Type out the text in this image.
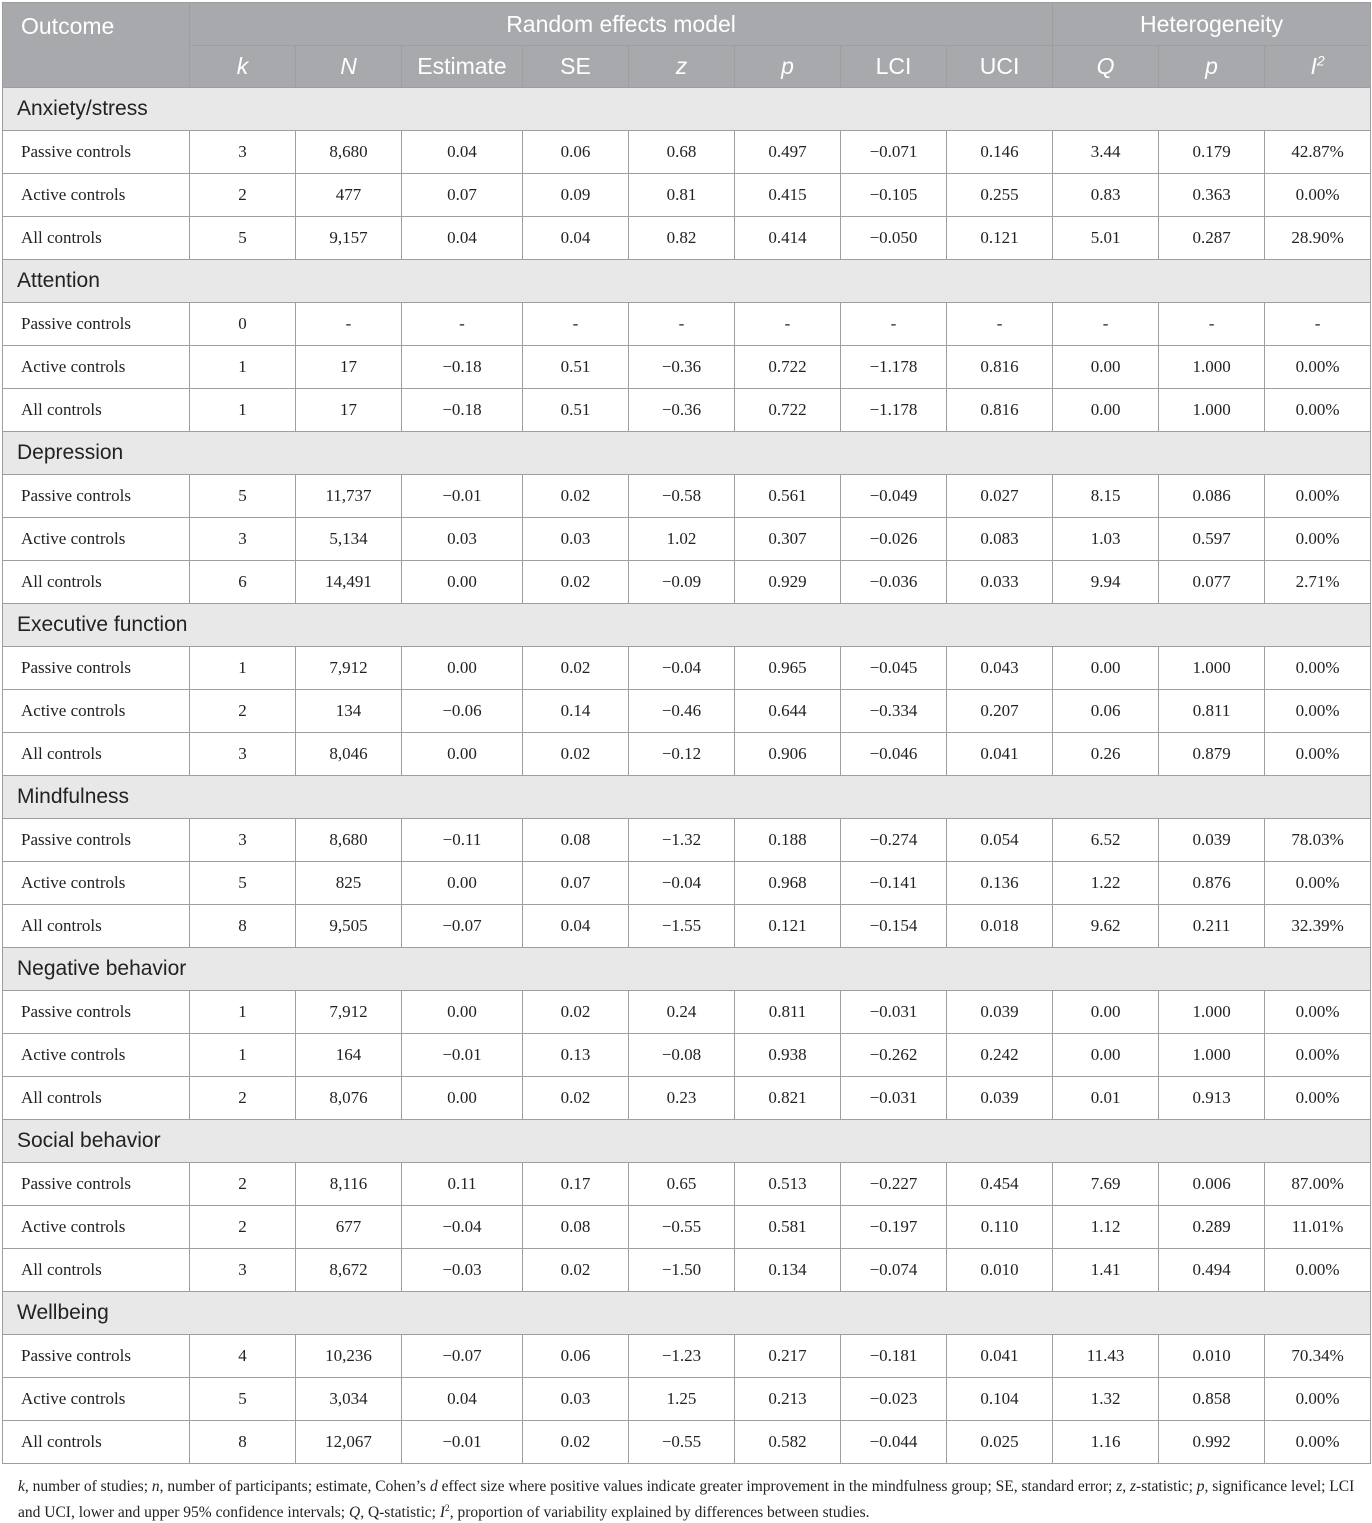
Outcome	Random effects model								Heterogeneity		
	k	N	Estimate	SE	z	p	LCI	UCI	Q	p	$I^2$
Anxiety/stress											
Passive controls	3	8,680	0.04	0.06	0.68	0.497	−0.071	0.146	3.44	0.179	42.87%
Active controls	2	477	0.07	0.09	0.81	0.415	−0.105	0.255	0.83	0.363	0.00%
All controls	5	9,157	0.04	0.04	0.82	0.414	−0.050	0.121	5.01	0.287	28.90%
Attention											
Passive controls	0	-	-	-	-	-	-	-	-	-	-
Active controls	1	17	−0.18	0.51	−0.36	0.722	−1.178	0.816	0.00	1.000	0.00%
All controls	1	17	−0.18	0.51	−0.36	0.722	−1.178	0.816	0.00	1.000	0.00%
Depression											
Passive controls	5	11,737	−0.01	0.02	−0.58	0.561	−0.049	0.027	8.15	0.086	0.00%
Active controls	3	5,134	0.03	0.03	1.02	0.307	−0.026	0.083	1.03	0.597	0.00%
All controls	6	14,491	0.00	0.02	−0.09	0.929	−0.036	0.033	9.94	0.077	2.71%
Executive function											
Passive controls	1	7,912	0.00	0.02	−0.04	0.965	−0.045	0.043	0.00	1.000	0.00%
Active controls	2	134	−0.06	0.14	−0.46	0.644	−0.334	0.207	0.06	0.811	0.00%
All controls	3	8,046	0.00	0.02	−0.12	0.906	−0.046	0.041	0.26	0.879	0.00%
Mindfulness											
Passive controls	3	8,680	−0.11	0.08	−1.32	0.188	−0.274	0.054	6.52	0.039	78.03%
Active controls	5	825	0.00	0.07	−0.04	0.968	−0.141	0.136	1.22	0.876	0.00%
All controls	8	9,505	−0.07	0.04	−1.55	0.121	−0.154	0.018	9.62	0.211	32.39%
Negative behavior											
Passive controls	1	7,912	0.00	0.02	0.24	0.811	−0.031	0.039	0.00	1.000	0.00%
Active controls	1	164	−0.01	0.13	−0.08	0.938	−0.262	0.242	0.00	1.000	0.00%
All controls	2	8,076	0.00	0.02	0.23	0.821	−0.031	0.039	0.01	0.913	0.00%
Social behavior											
Passive controls	2	8,116	0.11	0.17	0.65	0.513	−0.227	0.454	7.69	0.006	87.00%
Active controls	2	677	−0.04	0.08	−0.55	0.581	−0.197	0.110	1.12	0.289	11.01%
All controls	3	8,672	−0.03	0.02	−1.50	0.134	−0.074	0.010	1.41	0.494	0.00%
Wellbeing											
Passive controls	4	10,236	−0.07	0.06	−1.23	0.217	−0.181	0.041	11.43	0.010	70.34%
Active controls	5	3,034	0.04	0.03	1.25	0.213	−0.023	0.104	1.32	0.858	0.00%
All controls	8	12,067	−0.01	0.02	−0.55	0.582	−0.044	0.025	1.16	0.992	0.00%
k, number of studies; n, number of participants; estimate, Cohen’s d effect size where positive values indicate greater improvement in the mindfulness group; SE, standard error; z, z-statistic; p, significance level; LCI and UCI, lower and upper 95% confidence intervals; Q, Q-statistic; $I^2$, proportion of variability explained by differences between studies.
